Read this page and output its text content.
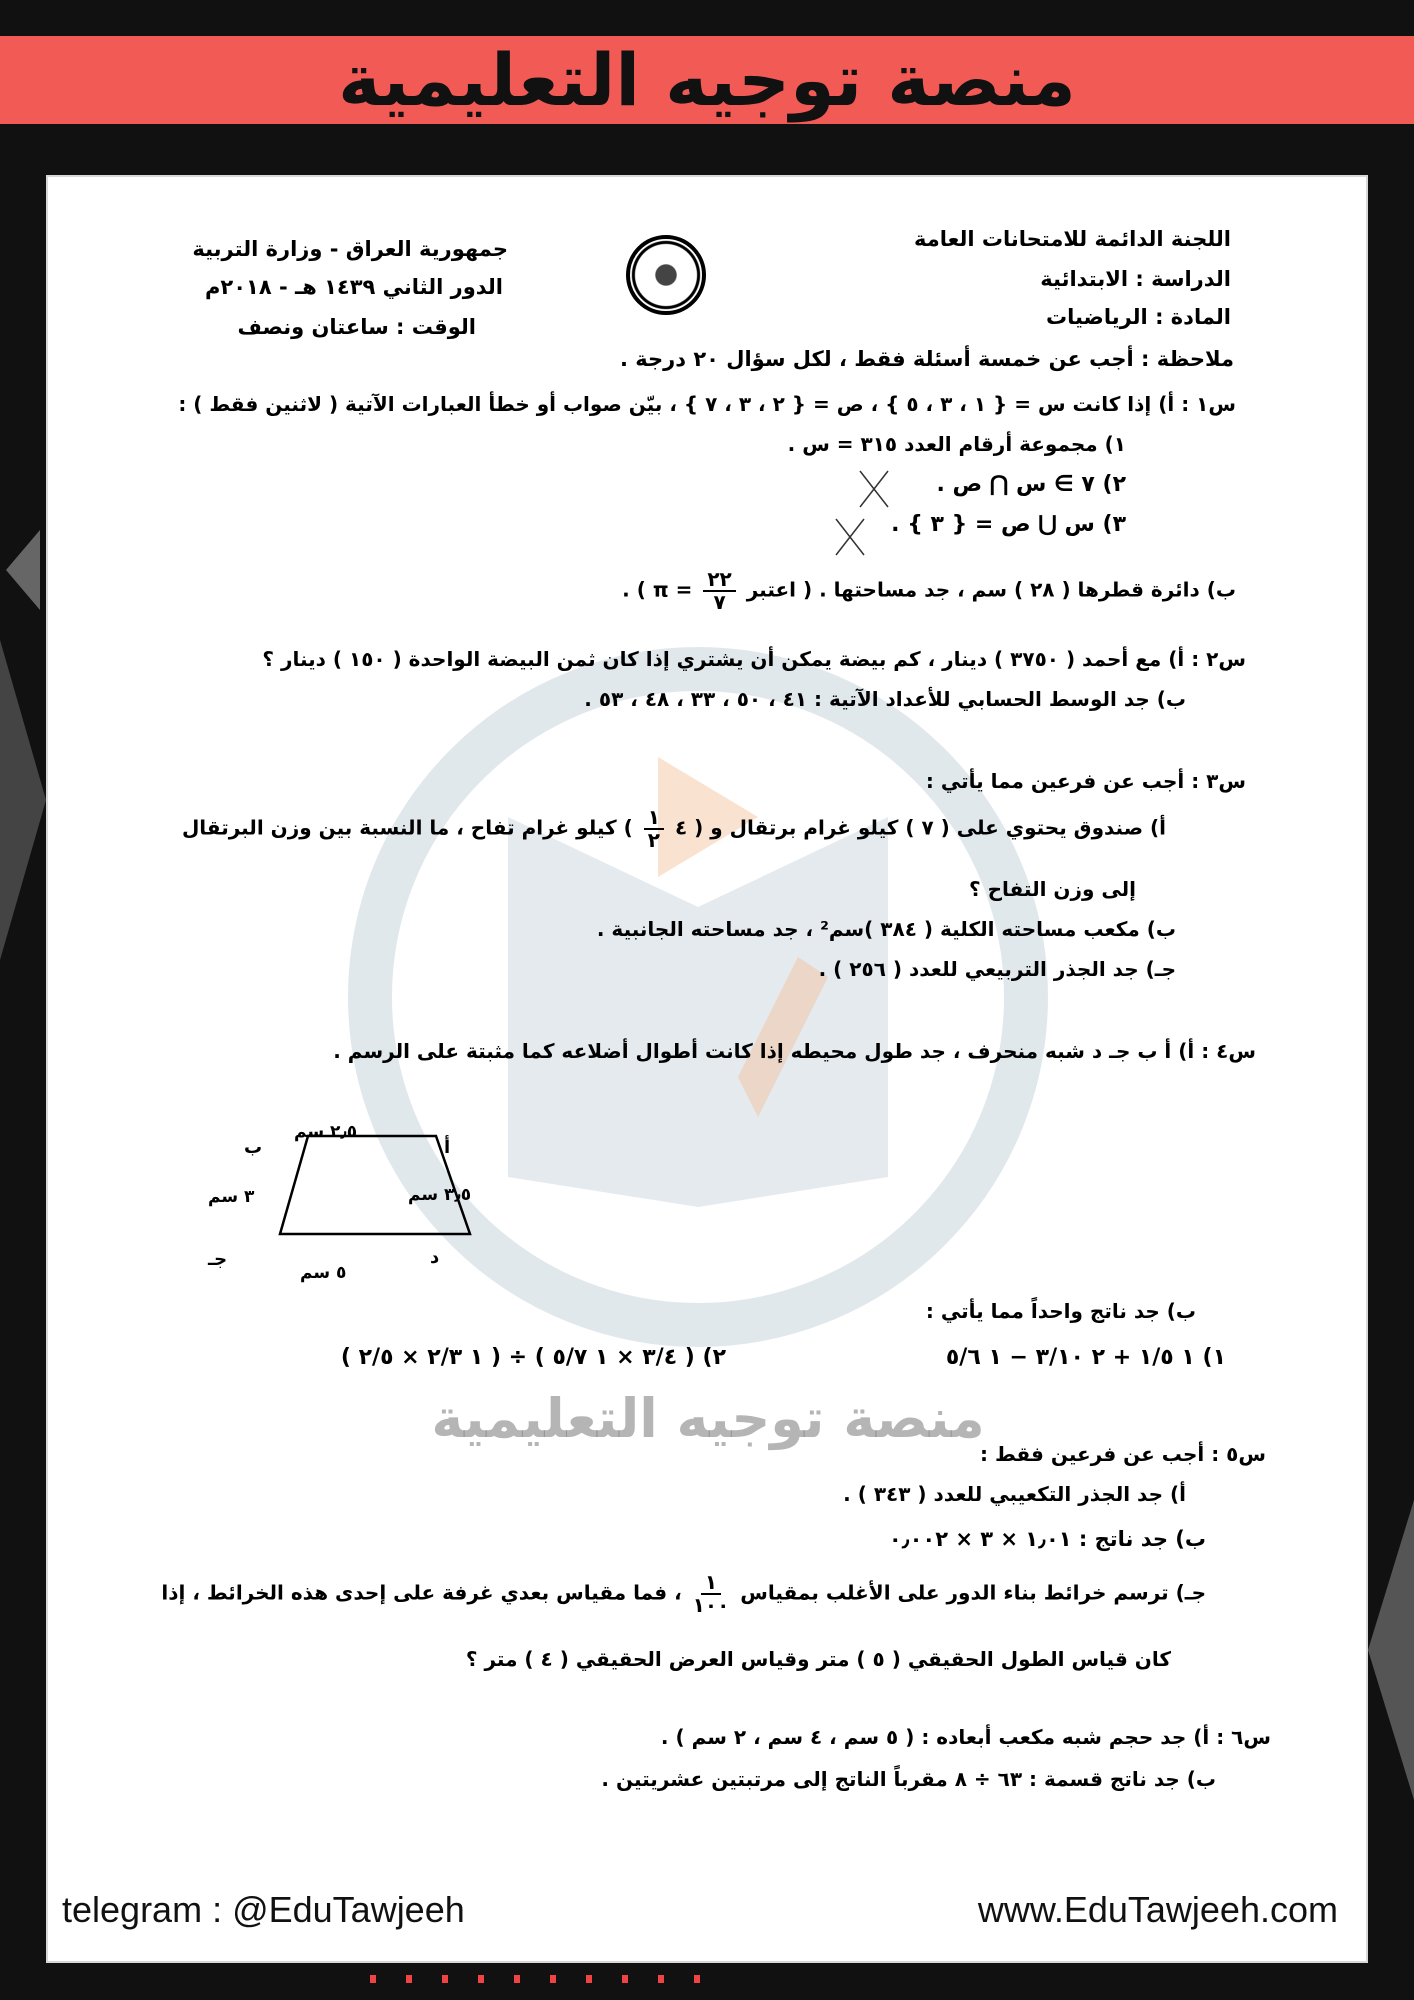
منصة توجيه التعليمية
اللجنة الدائمة للامتحانات العامة
الدراسة : الابتدائية
المادة : الرياضيات
جمهورية العراق - وزارة التربية
الدور الثاني ١٤٣٩ هـ - ٢٠١٨م
الوقت : ساعتان ونصف
ملاحظة : أجب عن خمسة أسئلة فقط ، لكل سؤال ٢٠ درجة .
س١ : أ) إذا كانت س = { ١ ، ٣ ، ٥ } ، ص = { ٢ ، ٣ ، ٧ } ، بيّن صواب أو خطأ العبارات الآتية ( لاثنين فقط ) :
١) مجموعة أرقام العدد ٣١٥ = س .
٢) ٧ ∋ س ⋂ ص .
٣) س ⋃ ص = { ٣ } .
ب) دائرة قطرها ( ٢٨ ) سم ، جد مساحتها . ( اعتبر
$\frac{٢٢}{٧}$
= π ) .
س٢ : أ) مع أحمد ( ٣٧٥٠ ) دينار ، كم بيضة يمكن أن يشتري إذا كان ثمن البيضة الواحدة ( ١٥٠ ) دينار ؟
ب) جد الوسط الحسابي للأعداد الآتية : ٤١ ، ٥٠ ، ٣٣ ، ٤٨ ، ٥٣ .
س٣ : أجب عن فرعين مما يأتي :
أ) صندوق يحتوي على ( ٧ ) كيلو غرام برتقال و ( ٤
$\frac{١}{٢}$
) كيلو غرام تفاح ، ما النسبة بين وزن البرتقال
إلى وزن التفاح ؟
ب) مكعب مساحته الكلية ( ٣٨٤ )سم² ، جد مساحته الجانبية .
جـ) جد الجذر التربيعي للعدد ( ٢٥٦ ) .
س٤ : أ) أ ب جـ د شبه منحرف ، جد طول محيطه إذا كانت أطوال أضلاعه كما مثبتة على الرسم .
أ
ب
جـ	د
٢٫٥ سم
٣ سم	٣٫٥ سم
٥ سم
ب) جد ناتج واحداً مما يأتي :
١) ١ ١/٥ + ٢ ٣/١٠ − ١ ٥/٦
٢) ( ٣/٤ × ١ ٥/٧ ) ÷ ( ١ ٢/٣ × ٢/٥ )
منصة توجيه التعليمية
س٥ : أجب عن فرعين فقط :
أ) جد الجذر التكعيبي للعدد ( ٣٤٣ ) .
ب) جد ناتج : ١٫٠١ × ٣ × ٠٫٠٠٢
جـ) ترسم خرائط بناء الدور على الأغلب بمقياس
$\frac{١}{١٠٠}$
، فما مقياس بعدي غرفة على إحدى هذه الخرائط ، إذا
كان قياس الطول الحقيقي ( ٥ ) متر وقياس العرض الحقيقي ( ٤ ) متر ؟
س٦ : أ) جد حجم شبه مكعب أبعاده : ( ٥ سم ، ٤ سم ، ٢ سم ) .
ب) جد ناتج قسمة : ٦٣ ÷ ٨ مقرباً الناتج إلى مرتبتين عشريتين .
telegram : @EduTawjeeh	www.EduTawjeeh.com
